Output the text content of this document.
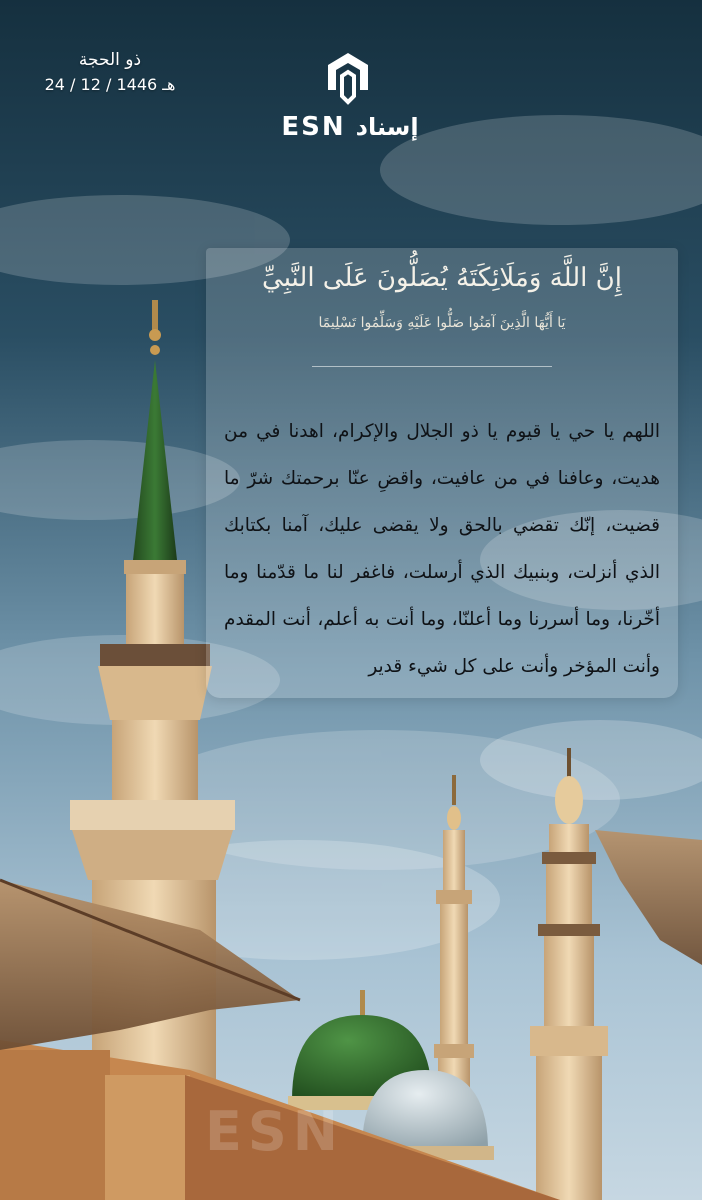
ESN
ذو الحجة
24 / 12 / 1446 هـ
ESN إسناد
إِنَّ اللَّهَ وَمَلَائِكَتَهُ يُصَلُّونَ عَلَى النَّبِيِّ
يَا أَيُّهَا الَّذِينَ آمَنُوا صَلُّوا عَلَيْهِ وَسَلِّمُوا تَسْلِيمًا
اللهم يا حي يا قيوم يا ذو الجلال والإكرام، اهدنا في من هديت، وعافنا في من عافيت، واقضِ عنّا برحمتك شرّ ما قضيت، إنّك تقضي بالحق ولا يقضى عليك، آمنا بكتابك الذي أنزلت، وبنبيك الذي أرسلت، فاغفر لنا ما قدّمنا وما أخّرنا، وما أسررنا وما أعلنّا، وما أنت به أعلم، أنت المقدم وأنت المؤخر وأنت على كل شيء قدير
